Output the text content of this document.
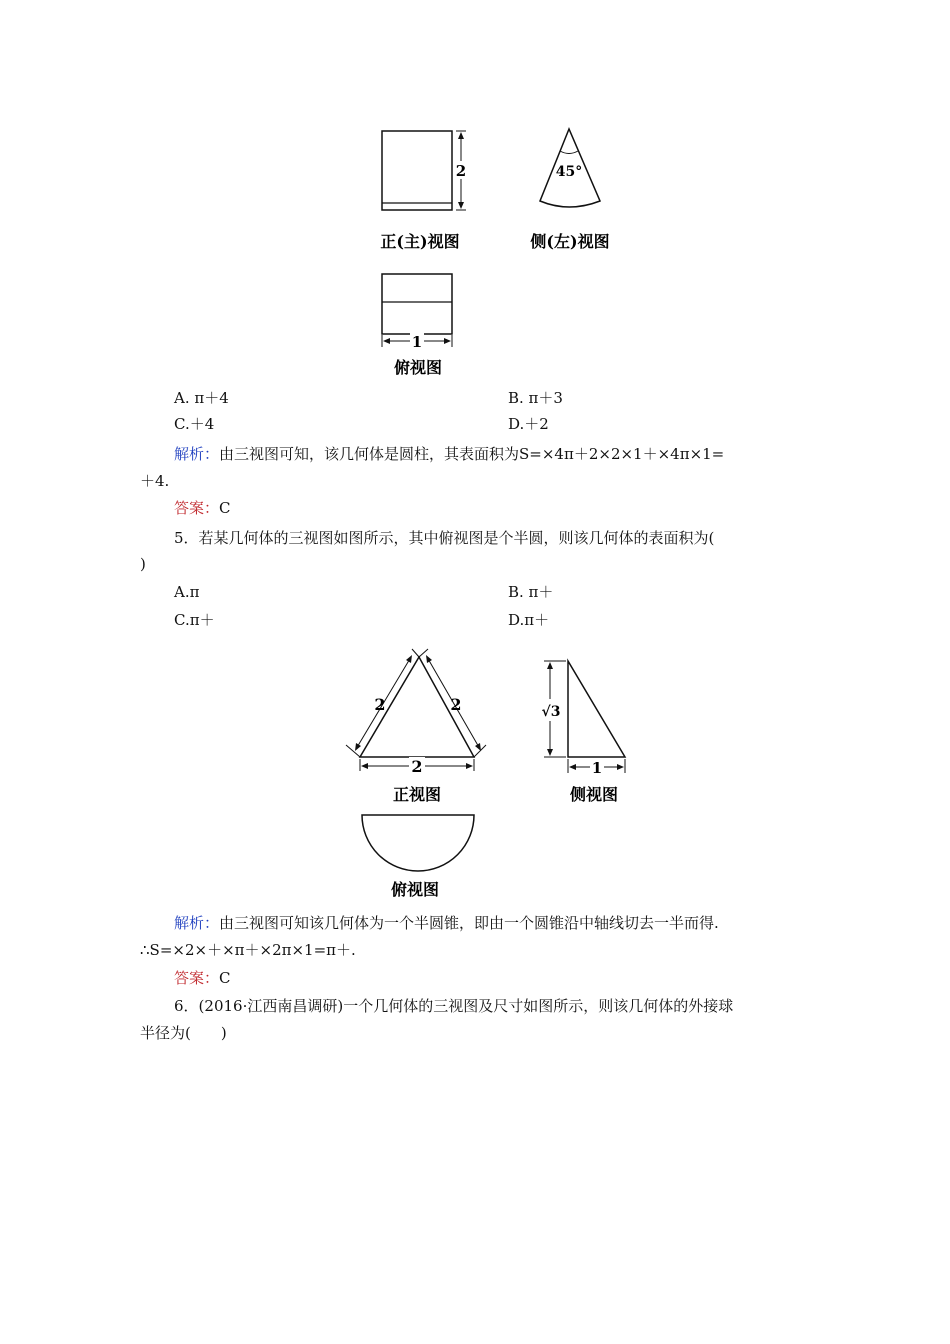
2	45°
正(主)视图	侧(左)视图
1
俯视图
A. π＋4	B. π＋3
C.＋4	D.＋2
解析：由三视图可知，该几何体是圆柱，其表面积为S=×4π＋2×2×1＋×4π×1=
＋4.
答案：C
5．若某几何体的三视图如图所示，其中俯视图是个半圆，则该几何体的表面积为(
)
A.π	B. π＋
C.π＋	D.π＋
2	2
2
√3
1
正视图	侧视图
俯视图
解析：由三视图可知该几何体为一个半圆锥，即由一个圆锥沿中轴线切去一半而得.
∴S=×2×＋×π＋×2π×1=π＋.
答案：C
6．(2016·江西南昌调研)一个几何体的三视图及尺寸如图所示，则该几何体的外接球
半径为(　　)
